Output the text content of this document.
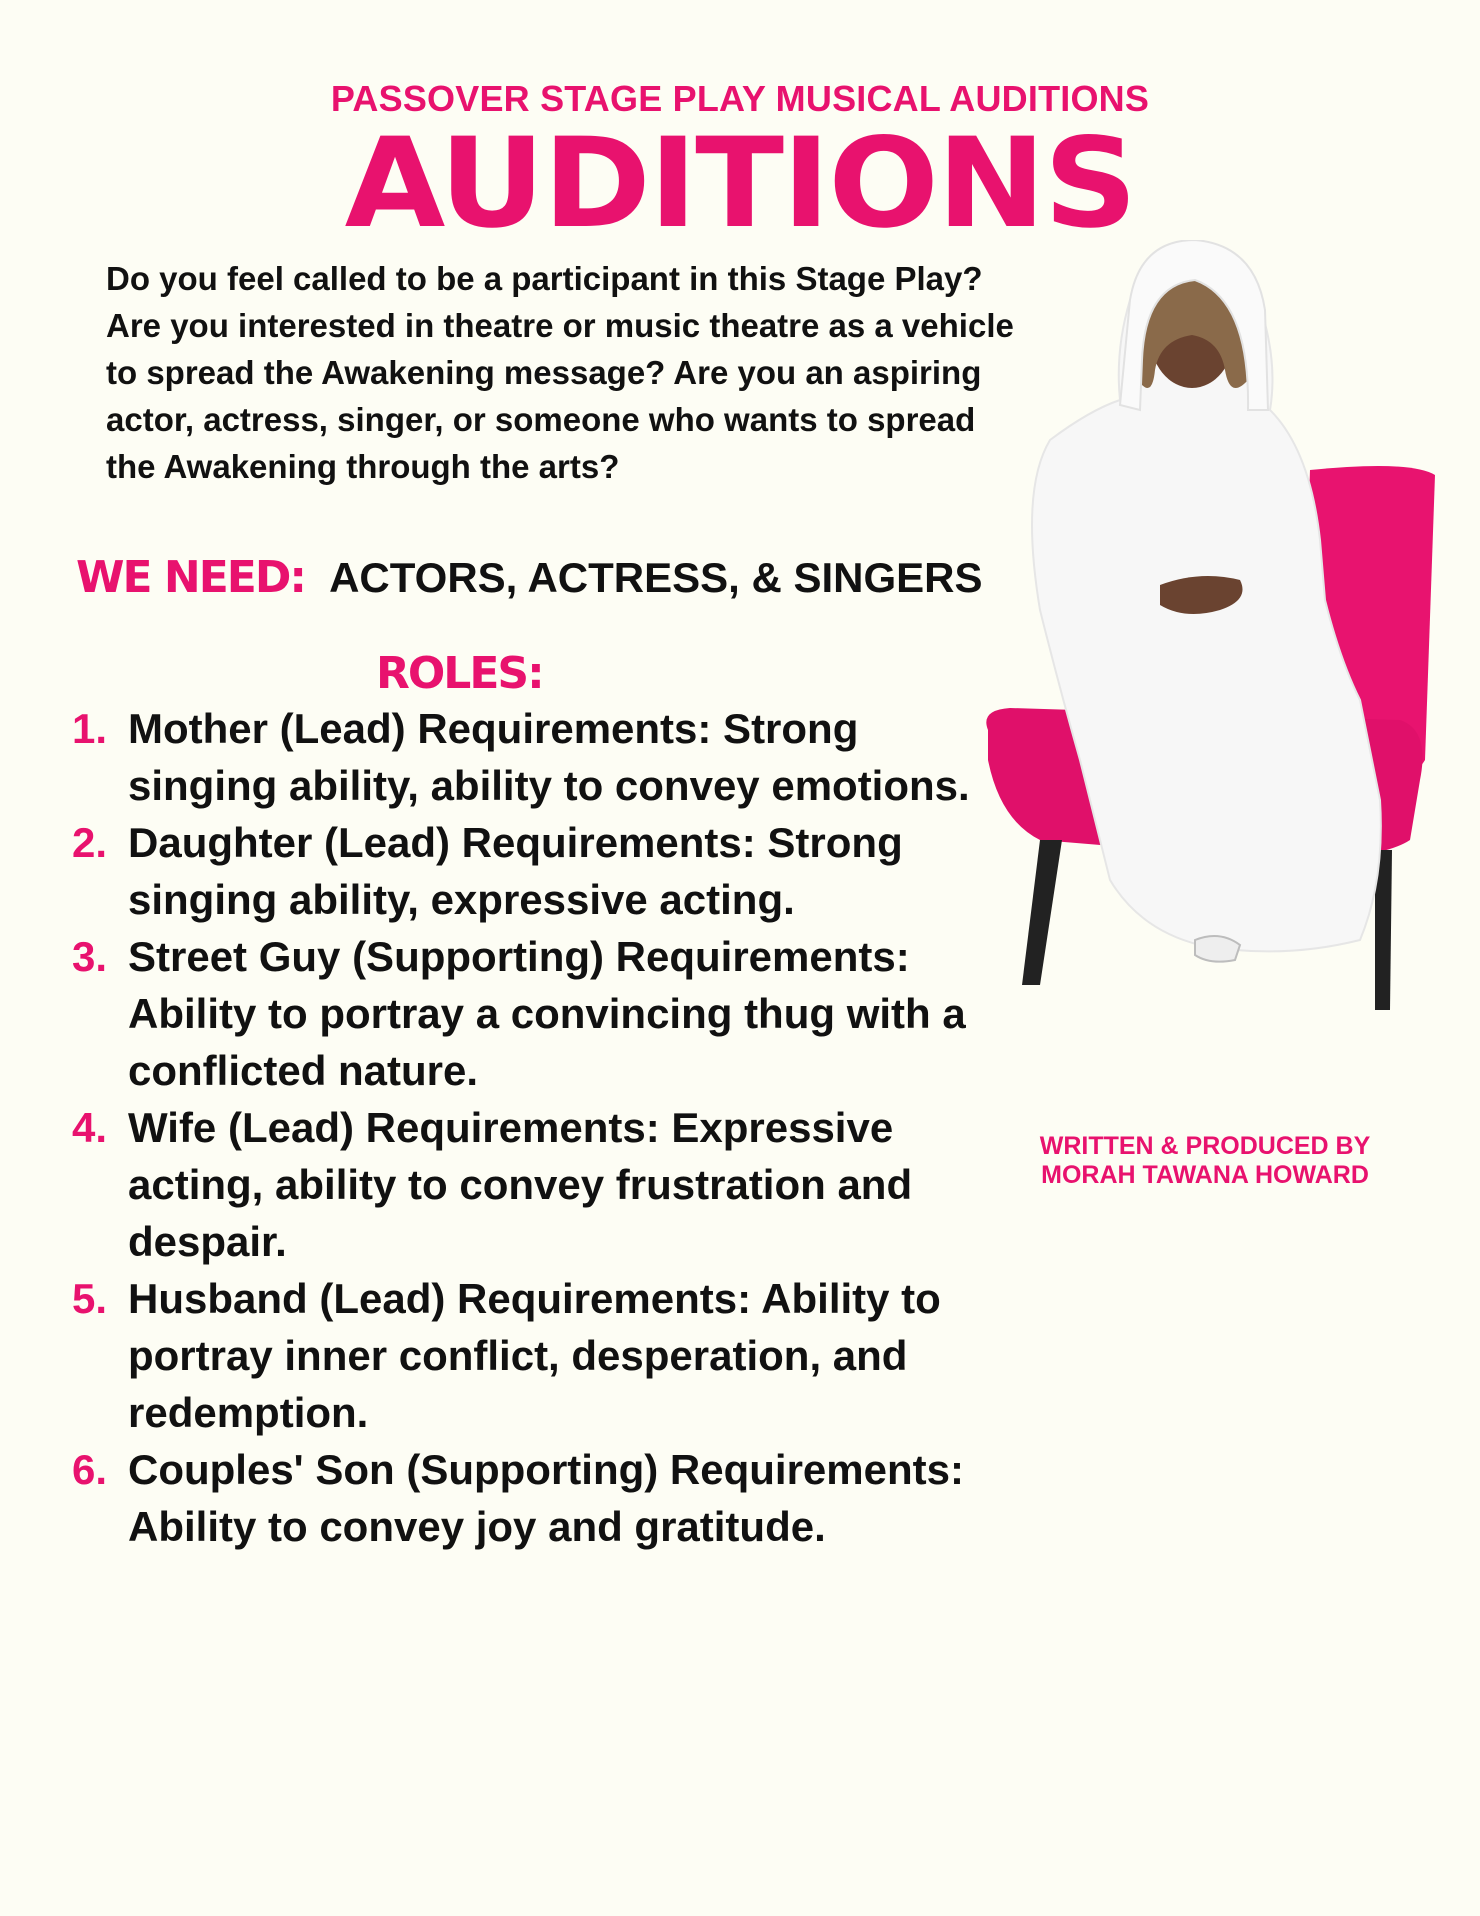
PASSOVER STAGE PLAY MUSICAL AUDITIONS
AUDITIONS
Do you feel called to be a participant in this Stage Play? Are you interested in theatre or music theatre as a vehicle to spread the Awakening message? Are you an aspiring actor, actress, singer, or someone who wants to spread the Awakening through the arts?
WE NEED: ACTORS, ACTRESS, & SINGERS
ROLES:
1. Mother (Lead) Requirements: Strong singing ability, ability to convey emotions.
2. Daughter (Lead) Requirements: Strong singing ability, expressive acting.
3. Street Guy (Supporting) Requirements: Ability to portray a convincing thug with a conflicted nature.
4. Wife (Lead) Requirements: Expressive acting, ability to convey frustration and despair.
5. Husband (Lead) Requirements: Ability to portray inner conflict, desperation, and redemption.
6. Couples' Son (Supporting) Requirements: Ability to convey joy and gratitude.
WRITTEN & PRODUCED BY
MORAH TAWANA HOWARD
